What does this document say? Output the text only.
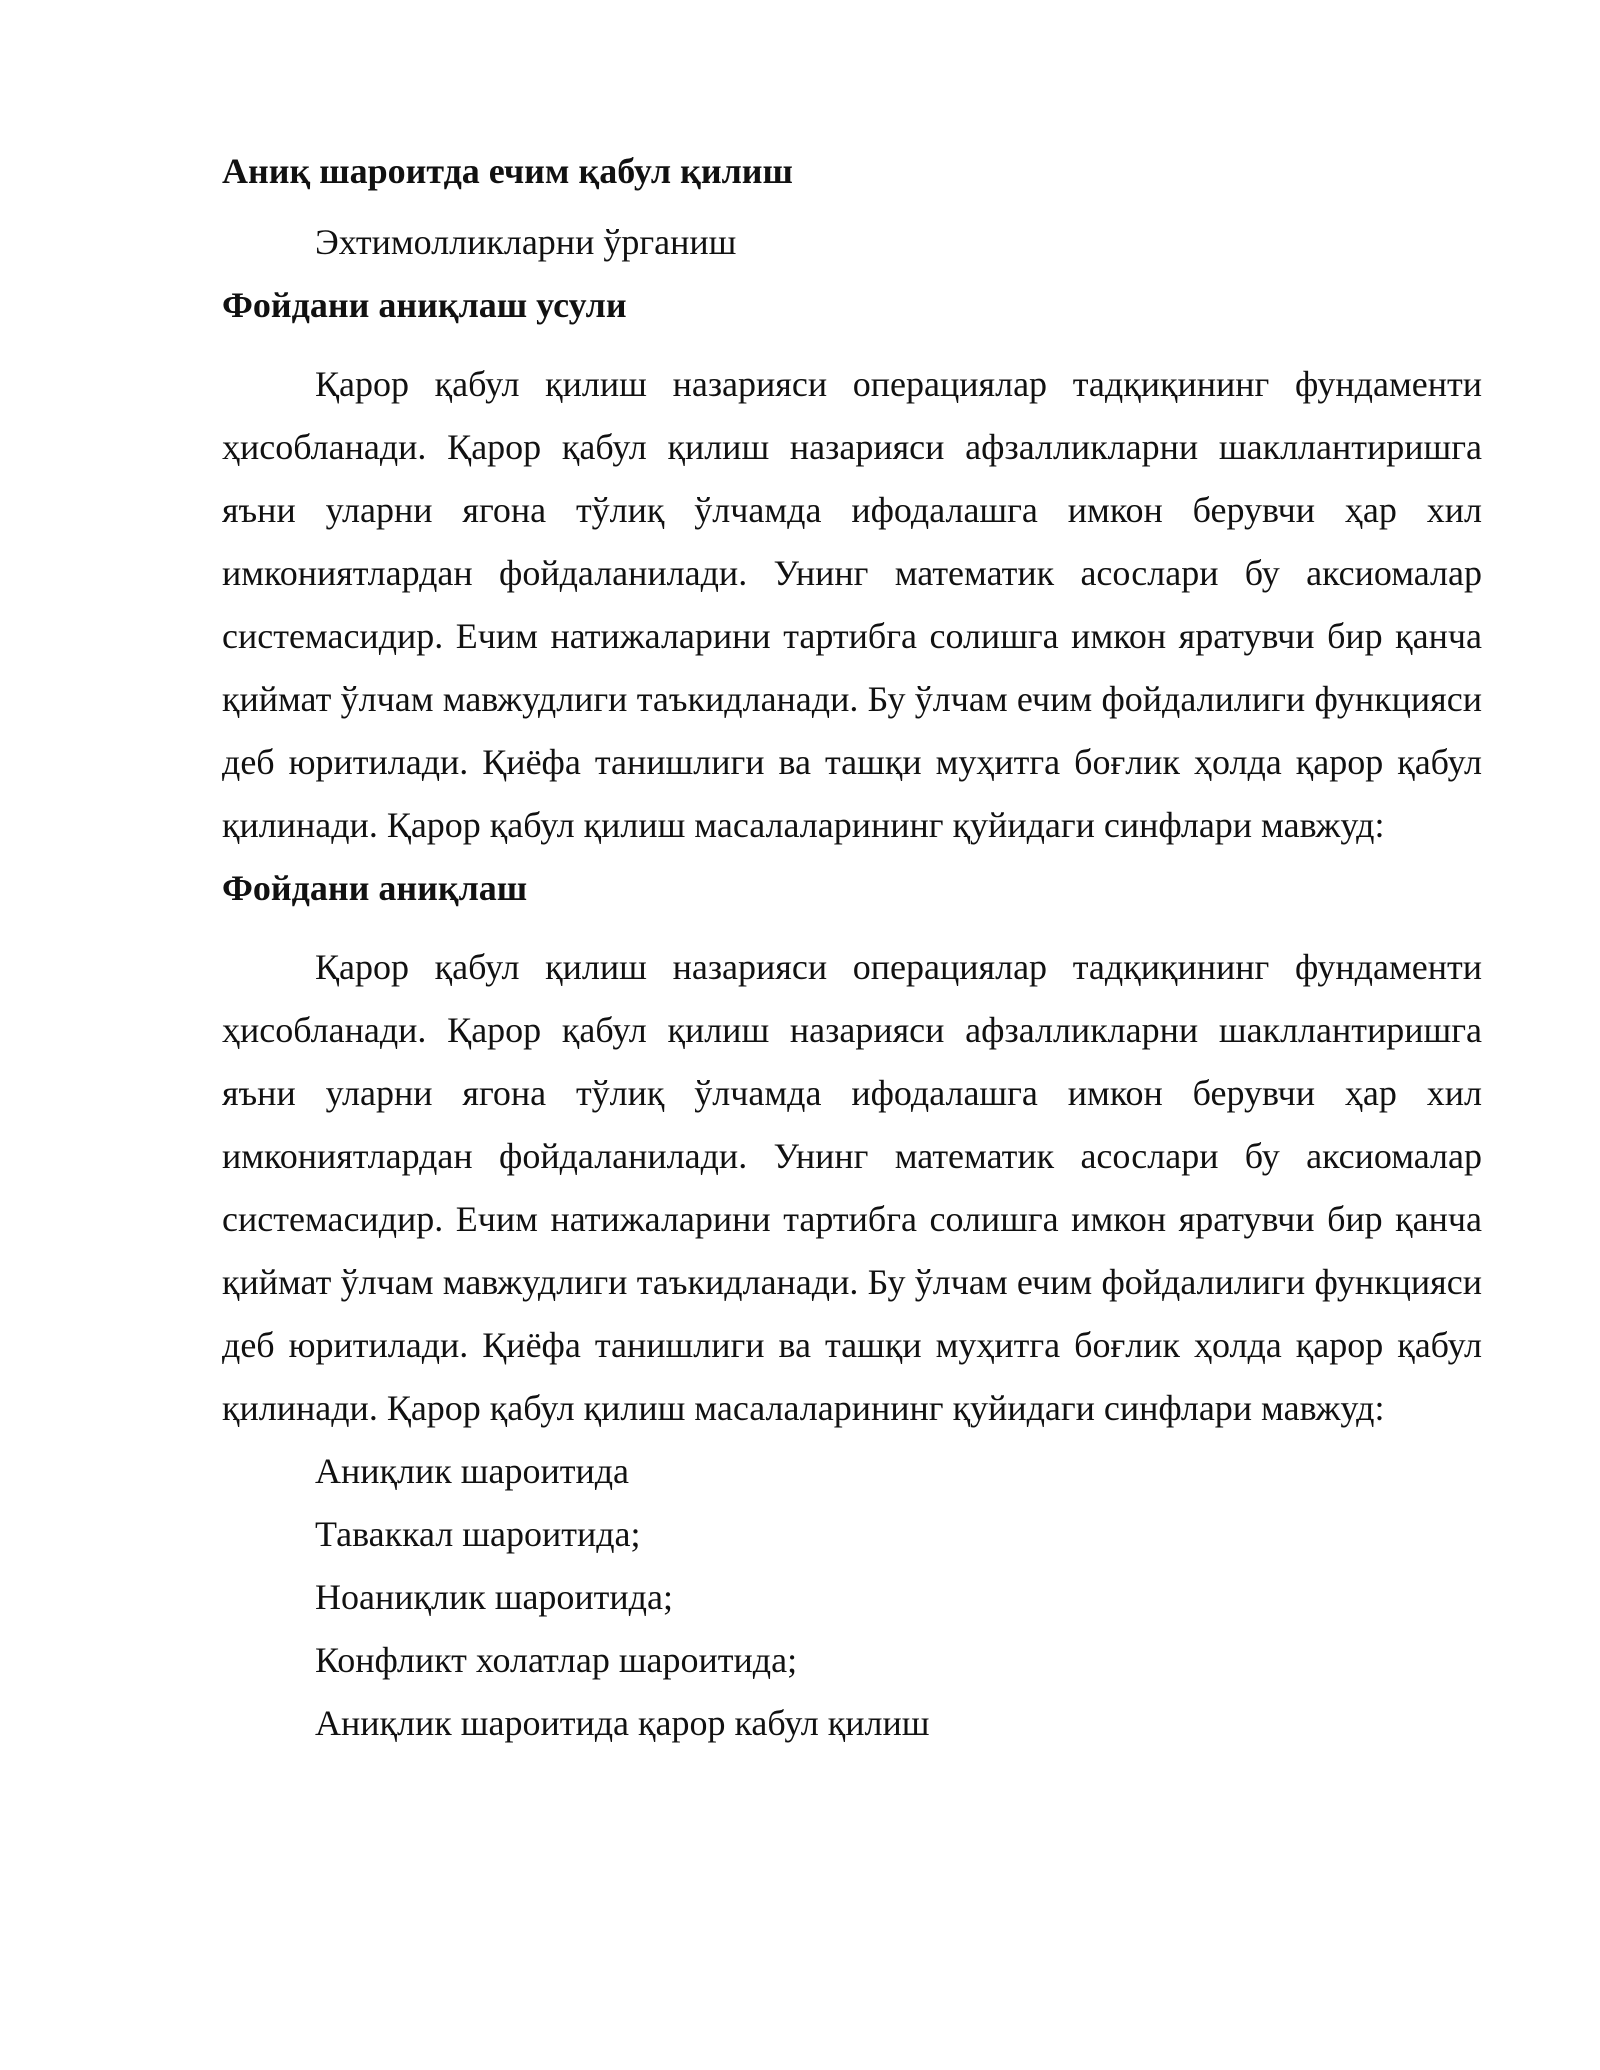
Аниқ шароитда ечим қабул қилиш

Эхтимолликларни ўрганиш

Фойдани аниқлаш усули

Қарор қабул қилиш назарияси операциялар тадқиқининг фундаменти ҳисобланади. Қарор қабул қилиш назарияси афзалликларни шакллантиришга яъни уларни ягона тўлиқ ўлчамда ифодалашга имкон берувчи ҳар хил имкониятлардан фойдаланилади. Унинг математик асослари бу аксиомалар системасидир. Ечим натижаларини тартибга солишга имкон яратувчи бир қанча қиймат ўлчам мавжудлиги таъкидланади. Бу ўлчам ечим фойдалилиги функцияси деб юритилади. Қиёфа танишлиги ва ташқи муҳитга боғлик ҳолда қарор қабул қилинади. Қарор қабул қилиш масалаларининг қуйидаги синфлари мавжуд:

Фойдани аниқлаш

Қарор қабул қилиш назарияси операциялар тадқиқининг фундаменти ҳисобланади. Қарор қабул қилиш назарияси афзалликларни шакллантиришга яъни уларни ягона тўлиқ ўлчамда ифодалашга имкон берувчи ҳар хил имкониятлардан фойдаланилади. Унинг математик асослари бу аксиомалар системасидир. Ечим натижаларини тартибга солишга имкон яратувчи бир қанча қиймат ўлчам мавжудлиги таъкидланади. Бу ўлчам ечим фойдалилиги функцияси деб юритилади. Қиёфа танишлиги ва ташқи муҳитга боғлик ҳолда қарор қабул қилинади. Қарор қабул қилиш масалаларининг қуйидаги синфлари мавжуд:

Аниқлик шароитида
Таваккал шароитида;
Ноаниқлик шароитида;
Конфликт холатлар шароитида;
Аниқлик шароитида қарор кабул қилиш
